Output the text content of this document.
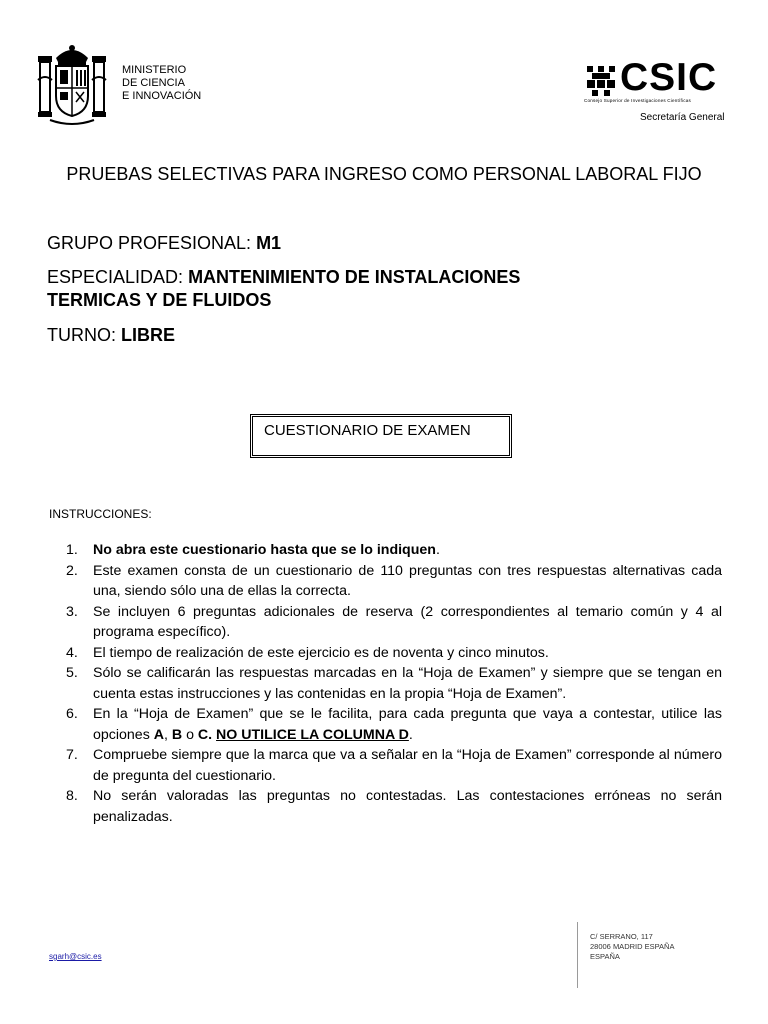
MINISTERIO
DE CIENCIA
E INNOVACIÓN	CSIC
Consejo Superior de Investigaciones Científicas
Secretaría General
PRUEBAS SELECTIVAS PARA INGRESO COMO PERSONAL LABORAL FIJO
GRUPO PROFESIONAL: M1
ESPECIALIDAD: MANTENIMIENTO DE INSTALACIONES
TERMICAS Y DE FLUIDOS
TURNO: LIBRE
CUESTIONARIO DE EXAMEN
INSTRUCCIONES:
1. No abra este cuestionario hasta que se lo indiquen.
2. Este examen consta de un cuestionario de 110 preguntas con tres respuestas alternativas cada una, siendo sólo una de ellas la correcta.
3. Se incluyen 6 preguntas adicionales de reserva (2 correspondientes al temario común y 4 al programa específico).
4. El tiempo de realización de este ejercicio es de noventa y cinco minutos.
5. Sólo se calificarán las respuestas marcadas en la “Hoja de Examen” y siempre que se tengan en cuenta estas instrucciones y las contenidas en la propia “Hoja de Examen”.
6. En la “Hoja de Examen” que se le facilita, para cada pregunta que vaya a contestar, utilice las opciones A, B o C. NO UTILICE LA COLUMNA D.
7. Compruebe siempre que la marca que va a señalar en la “Hoja de Examen” corresponde al número de pregunta del cuestionario.
8. No serán valoradas las preguntas no contestadas. Las contestaciones erróneas no serán penalizadas.
sgarh@csic.es
C/ SERRANO, 117
28006 MADRID ESPAÑA
ESPAÑA
